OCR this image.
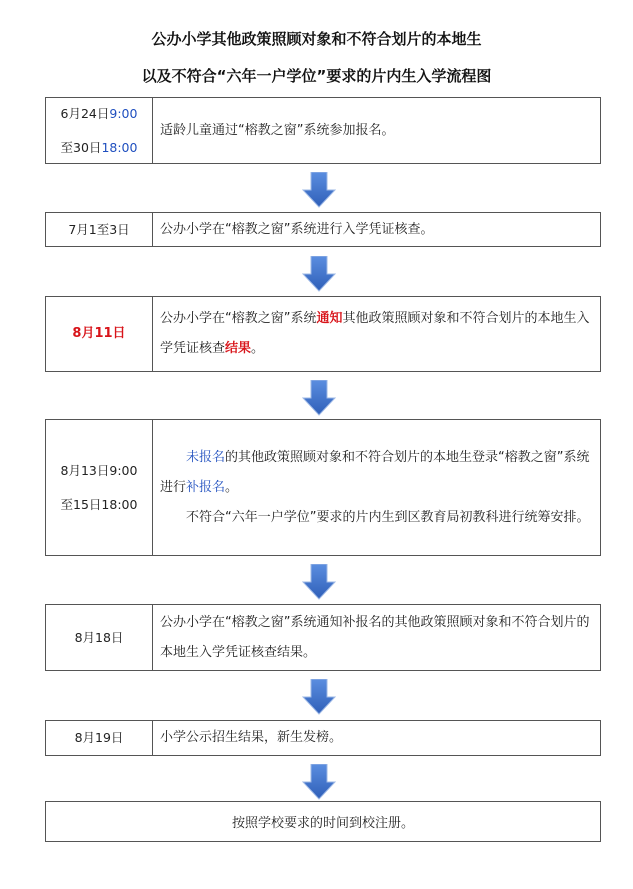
公办小学其他政策照顾对象和不符合划片的本地生
以及不符合“六年一户学位”要求的片内生入学流程图
6月24日9:00
至30日18:00

适龄儿童通过“榕教之窗”系统参加报名。

7月1至3日 公办小学在“榕教之窗”系统进行入学凭证核查。

8月11日

公办小学在“榕教之窗”系统通知其他政策照顾对象和不符合划片的本地生入学凭证核查结果。

8月13日9:00
至15日18:00

未报名的其他政策照顾对象和不符合划片的本地生登录“榕教之窗”系统进行补报名。

不符合“六年一户学位”要求的片内生到区教育局初教科进行统筹安排。

8月18日

公办小学在“榕教之窗”系统通知补报名的其他政策照顾对象和不符合划片的本地生入学凭证核查结果。

8月19日	小学公示招生结果，新生发榜。

按照学校要求的时间到校注册。
